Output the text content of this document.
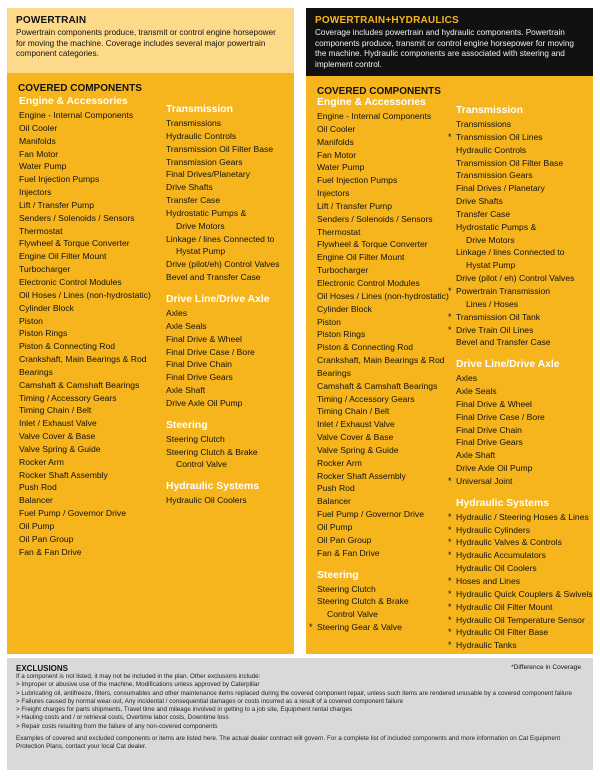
POWERTRAIN
Powertrain components produce, transmit or control engine horsepower for moving the machine. Coverage includes several major powertrain component categories.
COVERED COMPONENTS
Engine & Accessories
Engine - Internal Components
Oil Cooler
Manifolds
Fan Motor
Water Pump
Fuel Injection Pumps
Injectors
Lift / Transfer Pump
Senders / Solenoids / Sensors
Thermostat
Flywheel & Torque Converter
Engine Oil Filter Mount
Turbocharger
Electronic Control Modules
Oil Hoses / Lines (non-hydrostatic)
Cylinder Block
Piston
Piston Rings
Piston & Connecting Rod
Crankshaft, Main Bearings & Rod
Bearings
Camshaft & Camshaft Bearings
Timing / Accessory Gears
Timing Chain / Belt
Inlet / Exhaust Valve
Valve Cover & Base
Valve Spring & Guide
Rocker Arm
Rocker Shaft Assembly
Push Rod
Balancer
Fuel Pump / Governor Drive
Oil Pump
Oil Pan Group
Fan & Fan Drive
Transmission
Transmissions
Hydraulic Controls
Transmission Oil Filter Base
Transmission Gears
Final Drives/Planetary
Drive Shafts
Transfer Case
Hydrostatic Pumps &
Drive Motors
Linkage / lines Connected to
Hystat Pump
Drive (pilot/eh) Control Valves
Bevel and Transfer Case
Drive Line/Drive Axle
Axles
Axle Seals
Final Drive & Wheel
Final Drive Case / Bore
Final Drive Chain
Final Drive Gears
Axle Shaft
Drive Axle Oil Pump
Steering
Steering Clutch
Steering Clutch & Brake
Control Valve
Hydraulic Systems
Hydraulic Oil Coolers
POWERTRAIN+HYDRAULICS
Coverage includes powertrain and hydraulic components. Powertrain components produce, transmit or control engine horsepower for moving the machine. Hydraulic components are associated with steering and implement control.
COVERED COMPONENTS
Engine & Accessories
Engine - Internal Components
Oil Cooler
Manifolds
Fan Motor
Water Pump
Fuel Injection Pumps
Injectors
Lift / Transfer Pump
Senders / Solenoids / Sensors
Thermostat
Flywheel & Torque Converter
Engine Oil Filter Mount
Turbocharger
Electronic Control Modules
Oil Hoses / Lines (non-hydrostatic)
Cylinder Block
Piston
Piston Rings
Piston & Connecting Rod
Crankshaft, Main Bearings & Rod
Bearings
Camshaft & Camshaft Bearings
Timing / Accessory Gears
Timing Chain / Belt
Inlet / Exhaust Valve
Valve Cover & Base
Valve Spring & Guide
Rocker Arm
Rocker Shaft Assembly
Push Rod
Balancer
Fuel Pump / Governor Drive
Oil Pump
Oil Pan Group
Fan & Fan Drive
Steering
Steering Clutch
Steering Clutch & Brake
Control Valve
* Steering Gear & Valve
Transmission
Transmissions
* Transmission Oil Lines
Hydraulic Controls
Transmission Oil Filter Base
Transmission Gears
Final Drives / Planetary
Drive Shafts
Transfer Case
Hydrostatic Pumps &
Drive Motors
Linkage / lines Connected to
Hystat Pump
Drive (pilot / eh) Control Valves
* Powertrain Transmission
Lines / Hoses
* Transmission Oil Tank
* Drive Train Oil Lines
Bevel and Transfer Case
Drive Line/Drive Axle
Axles
Axle Seals
Final Drive & Wheel
Final Drive Case / Bore
Final Drive Chain
Final Drive Gears
Axle Shaft
Drive Axle Oil Pump
* Universal Joint
Hydraulic Systems
* Hydraulic / Steering Hoses & Lines
* Hydraulic Cylinders
* Hydraulic Valves & Controls
* Hydraulic Accumulators
Hydraulic Oil Coolers
* Hoses and Lines
* Hydraulic Quick Couplers & Swivels
* Hydraulic Oil Filter Mount
* Hydraulic Oil Temperature Sensor
* Hydraulic Oil Filter Base
* Hydraulic Tanks
EXCLUSIONS	*Difference in Coverage
If a component is not listed, it may not be included in the plan. Other exclusions include:
> Improper or abusive use of the machine, Modifications unless approved by Caterpillar
> Lubricating oil, antifreeze, filters, consumables and other maintenance items replaced during the covered component repair, unless such items are rendered unusable by a covered component failure
> Failures caused by normal wear-out, Any incidental / consequential damages or costs incurred as a result of a covered component failure
> Freight charges for parts shipments, Travel time and mileage involved in getting to a job site, Equipment rental charges
> Hauling costs and / or retrieval costs, Overtime labor costs, Downtime loss
> Repair costs resulting from the failure of any non-covered components
Examples of covered and excluded components or items are listed here. The actual dealer contract will govern. For a complete list of included components and more information on Cat Equipment Protection Plans, contact your local Cat dealer.
